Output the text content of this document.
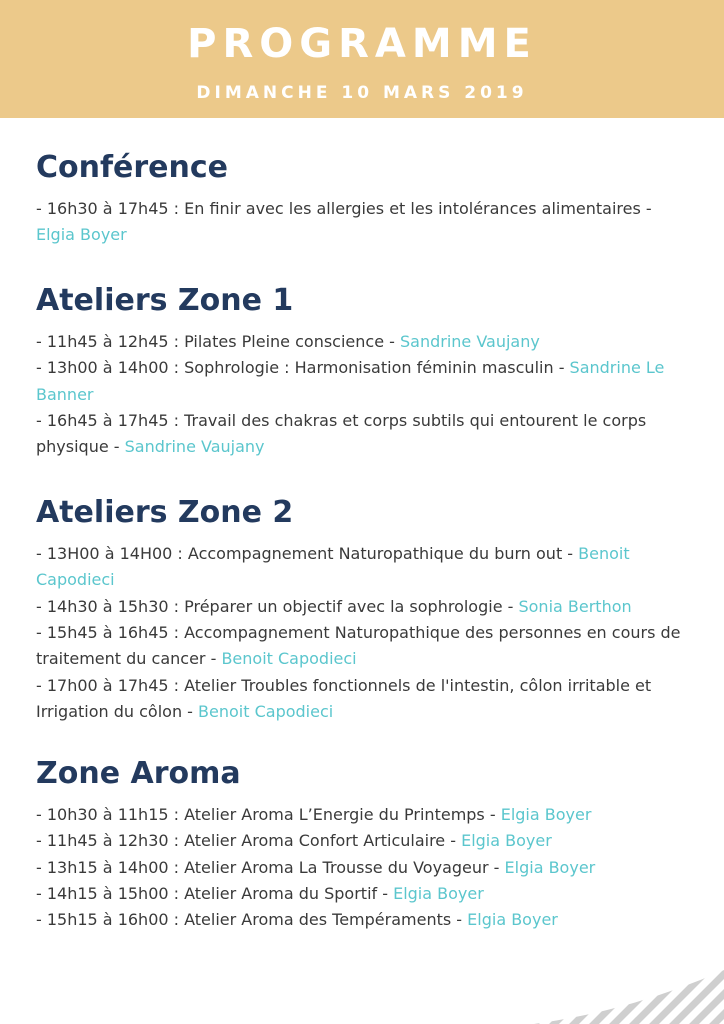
PROGRAMME
DIMANCHE 10 MARS 2019
Conférence

- 16h30 à 17h45 : En finir avec les allergies et les intolérances alimentaires - Elgia Boyer

Ateliers Zone 1

- 11h45 à 12h45 : Pilates Pleine conscience - Sandrine Vaujany

- 13h00 à 14h00 : Sophrologie : Harmonisation féminin masculin - Sandrine Le Banner

- 16h45 à 17h45 : Travail des chakras et corps subtils qui entourent le corps physique - Sandrine Vaujany

Ateliers Zone 2

- 13H00 à 14H00 : Accompagnement Naturopathique du burn out - Benoit Capodieci

- 14h30 à 15h30 : Préparer un objectif avec la sophrologie - Sonia Berthon

- 15h45 à 16h45 : Accompagnement Naturopathique des personnes en cours de traitement du cancer - Benoit Capodieci

- 17h00 à 17h45 : Atelier Troubles fonctionnels de l'intestin, côlon irritable et Irrigation du côlon - Benoit Capodieci

Zone Aroma

- 10h30 à 11h15 : Atelier Aroma L’Energie du Printemps - Elgia Boyer

- 11h45 à 12h30 : Atelier Aroma Confort Articulaire - Elgia Boyer

- 13h15 à 14h00 : Atelier Aroma La Trousse du Voyageur - Elgia Boyer

- 14h15 à 15h00 : Atelier Aroma du Sportif - Elgia Boyer

- 15h15 à 16h00 : Atelier Aroma des Tempéraments - Elgia Boyer
